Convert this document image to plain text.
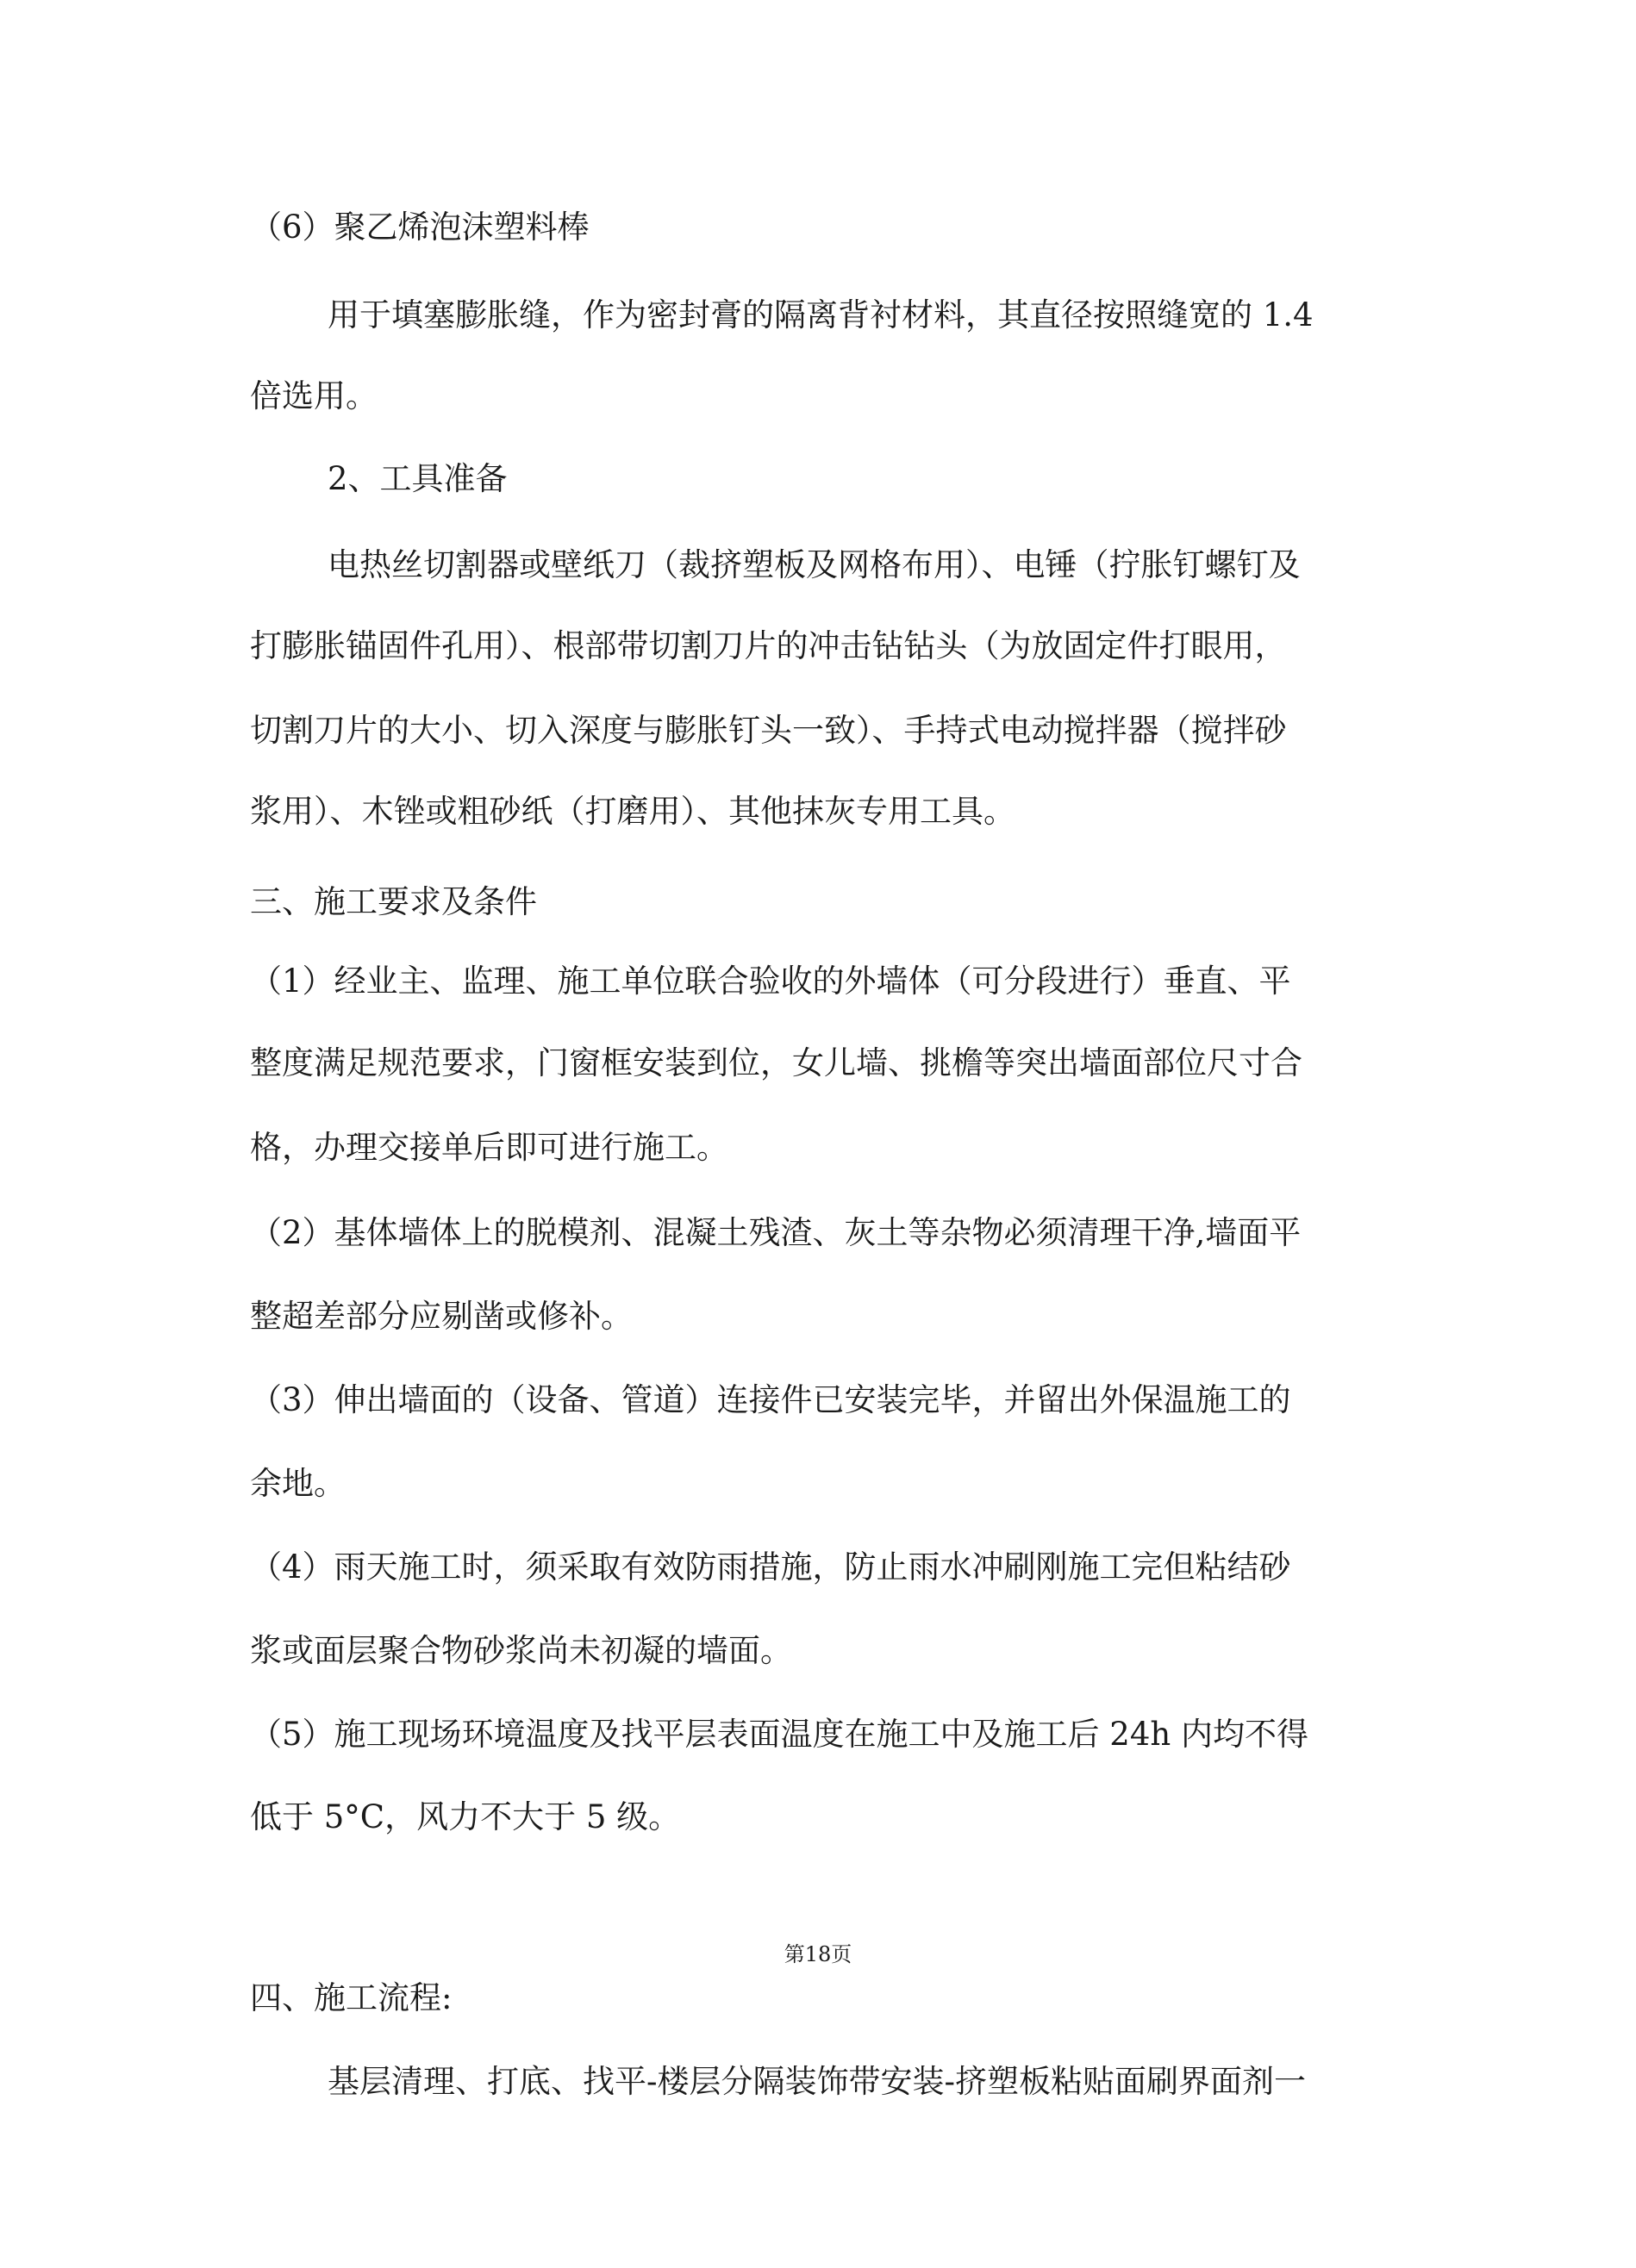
（6）聚乙烯泡沫塑料棒
用于填塞膨胀缝，作为密封膏的隔离背衬材料，其直径按照缝宽的 1.4
倍选用。
2、工具准备
电热丝切割器或壁纸刀（裁挤塑板及网格布用）、电锤（拧胀钉螺钉及
打膨胀锚固件孔用）、根部带切割刀片的冲击钻钻头（为放固定件打眼用，
切割刀片的大小、切入深度与膨胀钉头一致）、手持式电动搅拌器（搅拌砂
浆用）、木锉或粗砂纸（打磨用）、其他抹灰专用工具。
三、施工要求及条件
（1）经业主、监理、施工单位联合验收的外墙体（可分段进行）垂直、平
整度满足规范要求，门窗框安装到位，女儿墙、挑檐等突出墙面部位尺寸合
格，办理交接单后即可进行施工。
（2）基体墙体上的脱模剂、混凝土残渣、灰土等杂物必须清理干净,墙面平
整超差部分应剔凿或修补。
（3）伸出墙面的（设备、管道）连接件已安装完毕，并留出外保温施工的
余地。
（4）雨天施工时，须采取有效防雨措施，防止雨水冲刷刚施工完但粘结砂
浆或面层聚合物砂浆尚未初凝的墙面。
（5）施工现场环境温度及找平层表面温度在施工中及施工后 24h 内均不得
低于 5°C，风力不大于 5 级。
第18页
四、施工流程:
基层清理、打底、找平-楼层分隔装饰带安装-挤塑板粘贴面刷界面剂一
